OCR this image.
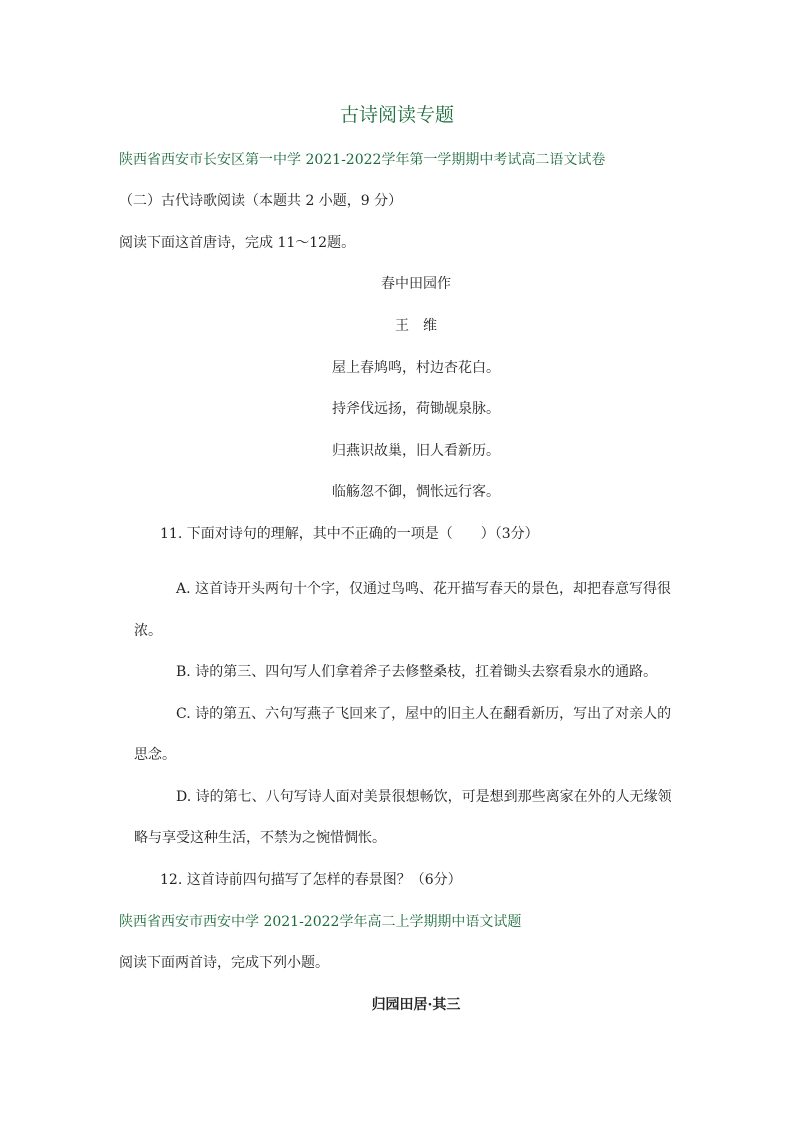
古诗阅读专题
陕西省西安市长安区第一中学 2021-2022学年第一学期期中考试高二语文试卷
（二）古代诗歌阅读（本题共 2 小题，9 分）
阅读下面这首唐诗，完成 11～12题。
春中田园作
王　维
屋上春鸠鸣，村边杏花白。
持斧伐远扬，荷锄觇泉脉。
归燕识故巢，旧人看新历。
临觞忽不御，惆怅远行客。
11. 下面对诗句的理解，其中不正确的一项是（　　）（3分）
A. 这首诗开头两句十个字，仅通过鸟鸣、花开描写春天的景色，却把春意写得很
浓。
B. 诗的第三、四句写人们拿着斧子去修整桑枝，扛着锄头去察看泉水的通路。
C. 诗的第五、六句写燕子飞回来了，屋中的旧主人在翻看新历，写出了对亲人的
思念。
D. 诗的第七、八句写诗人面对美景很想畅饮，可是想到那些离家在外的人无缘领
略与享受这种生活，不禁为之惋惜惆怅。
12. 这首诗前四句描写了怎样的春景图？（6分）
陕西省西安市西安中学 2021-2022学年高二上学期期中语文试题
阅读下面两首诗，完成下列小题。
归园田居·其三
